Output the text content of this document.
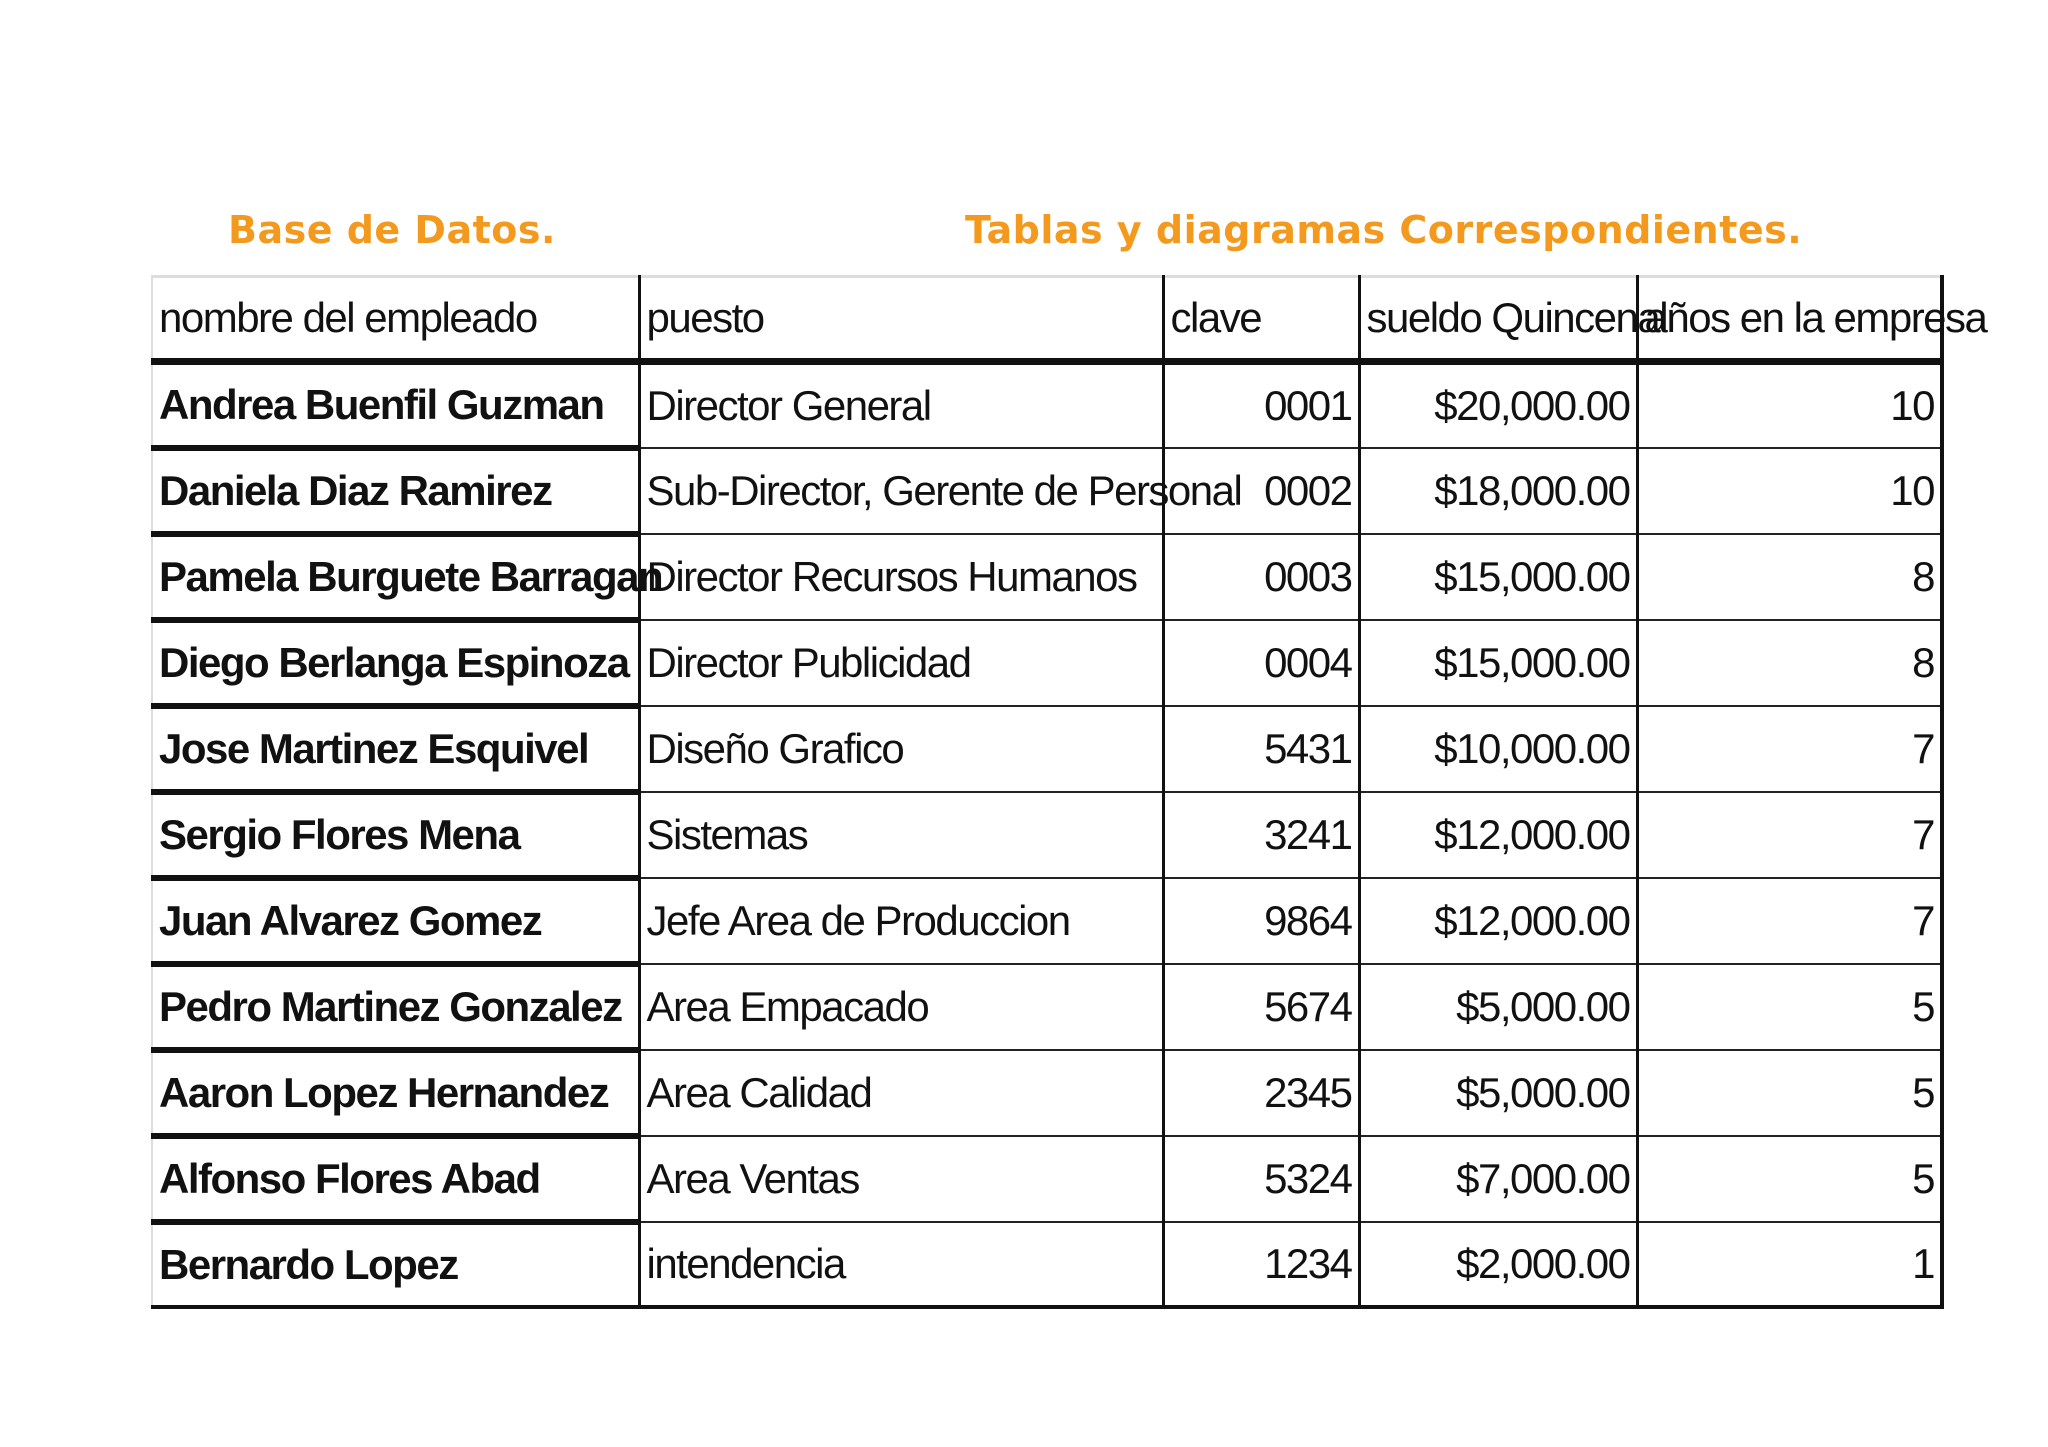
Base de Datos.	Tablas y diagramas Correspondientes.
nombre del empleado	puesto	clave	sueldo Quincenal	años en la empresa
Andrea Buenfil Guzman	Director General	0001	$20,000.00	10
Daniela Diaz Ramirez	Sub-Director, Gerente de Personal	0002	$18,000.00	10
Pamela Burguete Barragan	Director Recursos Humanos	0003	$15,000.00	8
Diego Berlanga Espinoza	Director Publicidad	0004	$15,000.00	8
Jose Martinez Esquivel	Diseño Grafico	5431	$10,000.00	7
Sergio Flores Mena	Sistemas	3241	$12,000.00	7
Juan Alvarez Gomez	Jefe Area de Produccion	9864	$12,000.00	7
Pedro Martinez Gonzalez	Area Empacado	5674	$5,000.00	5
Aaron Lopez Hernandez	Area Calidad	2345	$5,000.00	5
Alfonso Flores Abad	Area Ventas	5324	$7,000.00	5
Bernardo Lopez	intendencia	1234	$2,000.00	1
